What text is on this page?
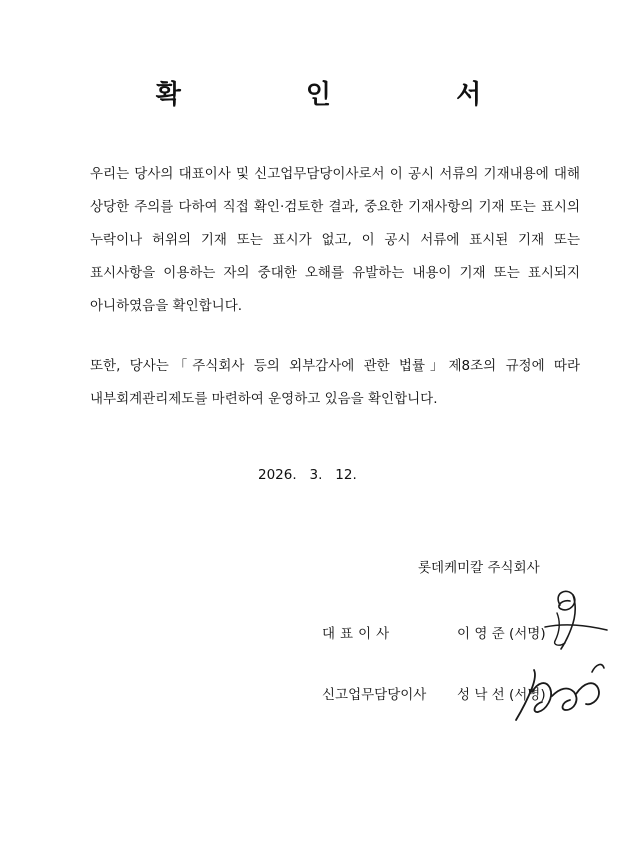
확 인 서
우리는 당사의 대표이사 및 신고업무담당이사로서 이 공시 서류의 기재내용에 대해 상당한 주의를 다하여 직접 확인·검토한 결과, 중요한 기재사항의 기재 또는 표시의 누락이나 허위의 기재 또는 표시가 없고, 이 공시 서류에 표시된 기재 또는 표시사항을 이용하는 자의 중대한 오해를 유발하는 내용이 기재 또는 표시되지 아니하였음을 확인합니다.
또한, 당사는「주식회사 등의 외부감사에 관한 법률」제8조의 규정에 따라 내부회계관리제도를 마련하여 운영하고 있음을 확인합니다.
2026.   3.   12.
롯데케미칼 주식회사
대표이사	이 영 준 (서명)
신고업무담당이사 성 낙 선 (서명)
